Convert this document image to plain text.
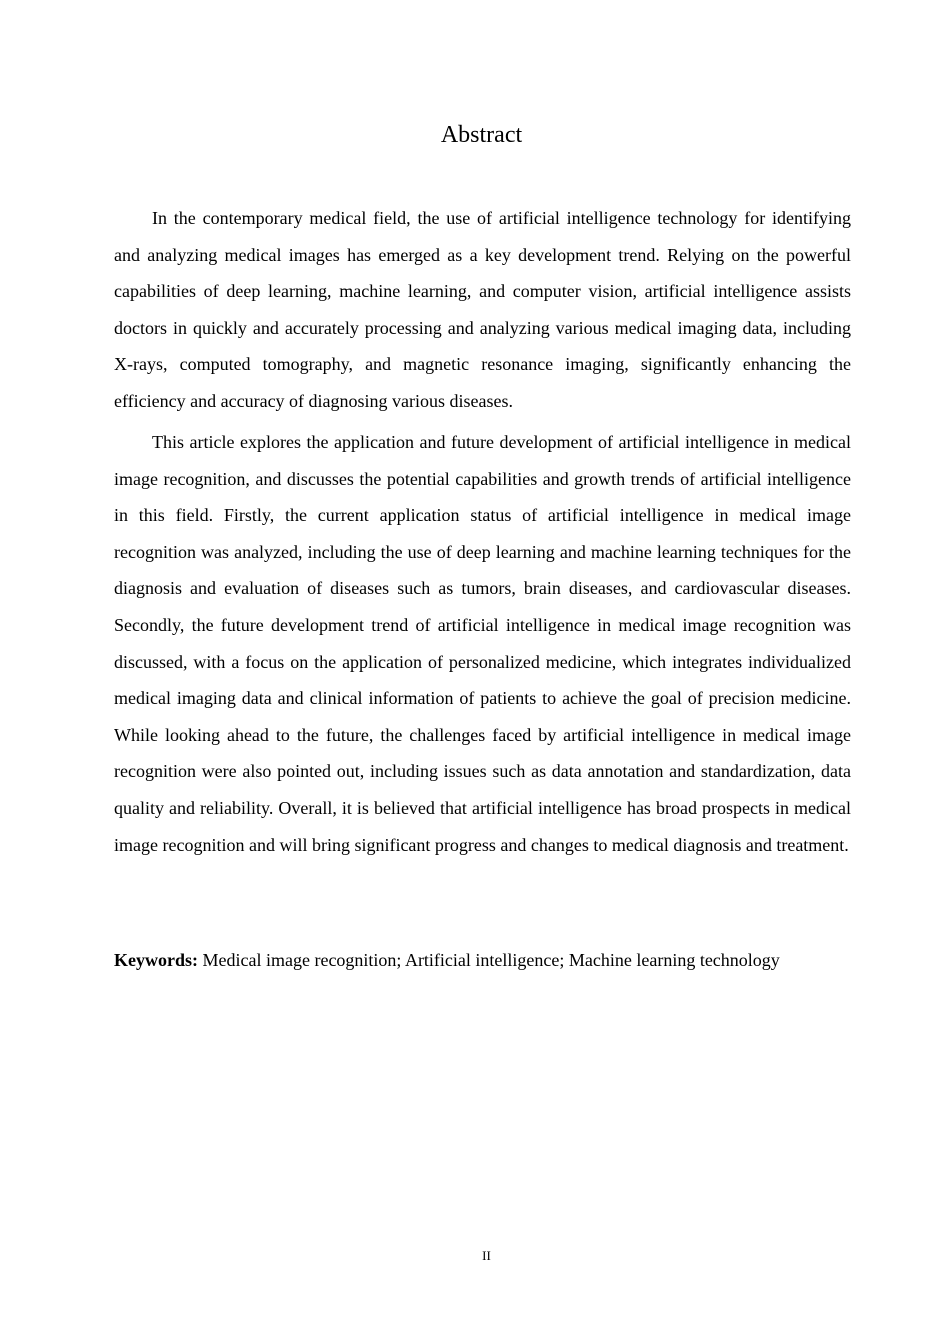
Abstract

In the contemporary medical field, the use of artificial intelligence technology for identifying and analyzing medical images has emerged as a key development trend. Relying on the powerful capabilities of deep learning, machine learning, and computer vision, artificial intelligence assists doctors in quickly and accurately processing and analyzing various medical imaging data, including X-rays, computed tomography, and magnetic resonance imaging, significantly enhancing the efficiency and accuracy of diagnosing various diseases.

This article explores the application and future development of artificial intelligence in medical image recognition, and discusses the potential capabilities and growth trends of artificial intelligence in this field. Firstly, the current application status of artificial intelligence in medical image recognition was analyzed, including the use of deep learning and machine learning techniques for the diagnosis and evaluation of diseases such as tumors, brain diseases, and cardiovascular diseases. Secondly, the future development trend of artificial intelligence in medical image recognition was discussed, with a focus on the application of personalized medicine, which integrates individualized medical imaging data and clinical information of patients to achieve the goal of precision medicine. While looking ahead to the future, the challenges faced by artificial intelligence in medical image recognition were also pointed out, including issues such as data annotation and standardization, data quality and reliability. Overall, it is believed that artificial intelligence has broad prospects in medical image recognition and will bring significant progress and changes to medical diagnosis and treatment.

Keywords: Medical image recognition; Artificial intelligence; Machine learning technology

II
